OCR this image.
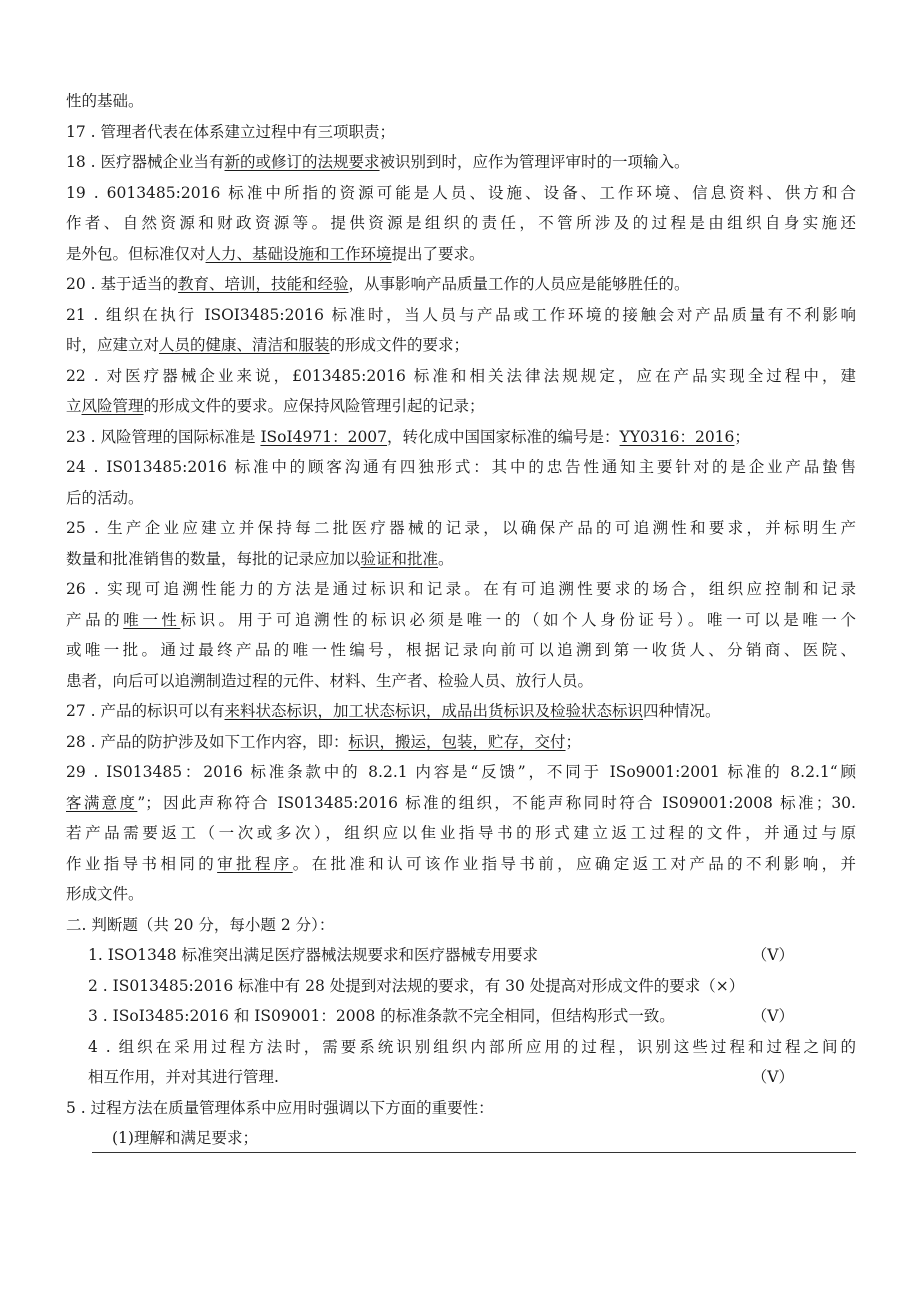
性的基础。

17 . 管理者代表在体系建立过程中有三项职责；

18 . 医疗器械企业当有新的或修订的法规要求被识别到时，应作为管理评审时的一项输入。

19 . 6013485:2016 标准中所指的资源可能是人员、设施、设备、工作环境、信息资料、供方和合
作者、自然资源和财政资源等。提供资源是组织的责任，不管所涉及的过程是由组织自身实施还
是外包。但标准仅对人力、基础设施和工作环境提出了要求。

20 . 基于适当的教育、培训，技能和经验，从事影响产品质量工作的人员应是能够胜任的。

21 . 组织在执行 ISOI3485:2016 标准时，当人员与产品或工作环境的接触会对产品质量有不利影响
时，应建立对人员的健康、清洁和服装的形成文件的要求；

22 . 对医疗器械企业来说，£013485:2016 标准和相关法律法规规定，应在产品实现全过程中，建
立风险管理的形成文件的要求。应保持风险管理引起的记录；

23 . 风险管理的国际标准是 ISoI4971：2007，转化成中国国家标准的编号是：YY0316：2016；

24 . IS013485:2016 标准中的顾客沟通有四独形式：其中的忠告性通知主要针对的是企业产品蛰售
后的活动。

25 . 生产企业应建立并保持每二批医疗器械的记录，以确保产品的可追溯性和要求，并标明生产
数量和批准销售的数量，每批的记录应加以验证和批准。

26 . 实现可追溯性能力的方法是通过标识和记录。在有可追溯性要求的场合，组织应控制和记录
产品的唯一性标识。用于可追溯性的标识必须是唯一的（如个人身份证号）。唯一可以是唯一个
或唯一批。通过最终产品的唯一性编号，根据记录向前可以追溯到第一收货人、分销商、医院、
患者，向后可以追溯制造过程的元件、材料、生产者、检验人员、放行人员。

27 . 产品的标识可以有来料状态标识，加工状态标识，成品出货标识及检验状态标识四种情况。

28 . 产品的防护涉及如下工作内容，即：标识，搬运，包装，贮存，交付；

29 . IS013485：2016 标准条款中的 8.2.1 内容是“反馈”，不同于 ISo9001:2001 标准的 8.2.1“顾
客满意度”；因此声称符合 IS013485:2016 标准的组织，不能声称同时符合 IS09001:2008 标准；30.
若产品需要返工（一次或多次），组织应以隹业指导书的形式建立返工过程的文件，并通过与原
作业指导书相同的审批程序。在批准和认可该作业指导书前，应确定返工对产品的不利影响，并
形成文件。

二. 判断题（共 20 分，每小题 2 分）：

1. ISO1348 标准突出满足医疗器械法规要求和医疗器械专用要求	（V）

2 . IS013485:2016 标准中有 28 处提到对法规的要求，有 30 处提高对形成文件的要求（×）

3 . ISoI3485:2016 和 IS09001：2008 的标准条款不完全相同，但结构形式一致。	（V）

4 . 组织在采用过程方法时，需要系统识别组织内部所应用的过程，识别这些过程和过程之间的
相互作用，并对其进行管理.	（V）

5 . 过程方法在质量管理体系中应用时强调以下方面的重要性：

(1)理解和满足要求；
